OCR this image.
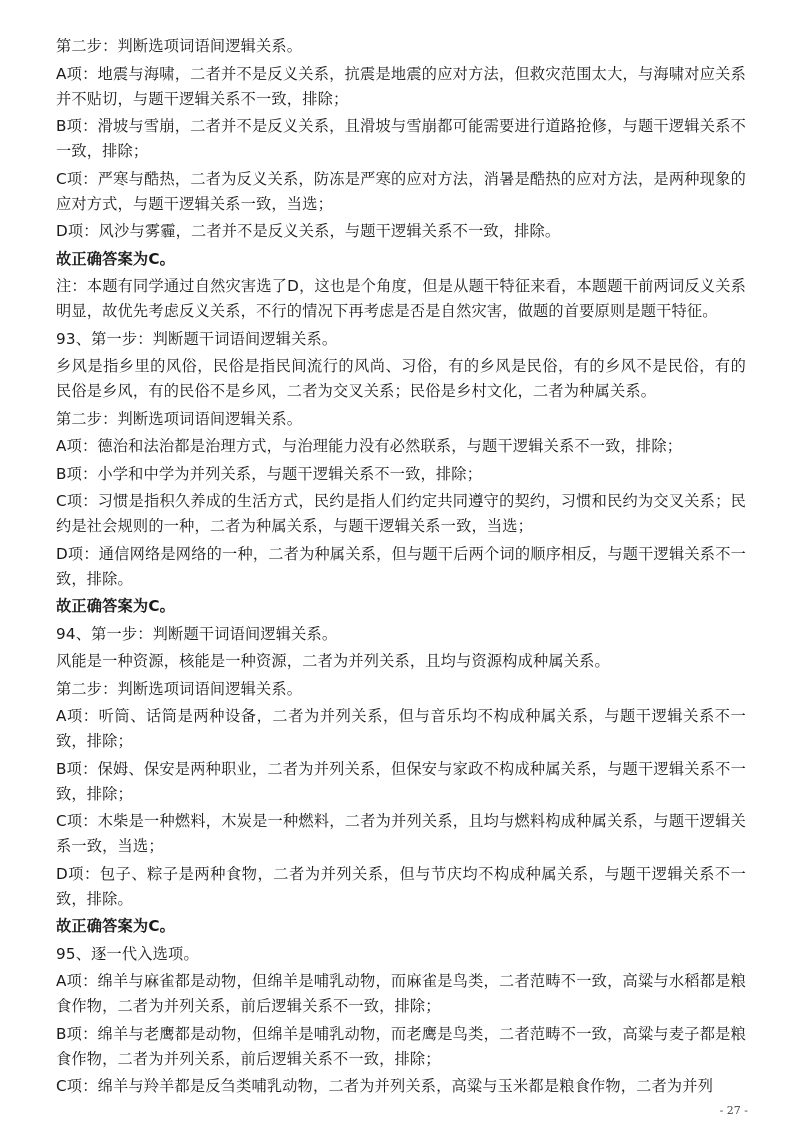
第二步：判断选项词语间逻辑关系。

A项：地震与海啸，二者并不是反义关系，抗震是地震的应对方法，但救灾范围太大，与海啸对应关系并不贴切，与题干逻辑关系不一致，排除；

B项：滑坡与雪崩，二者并不是反义关系，且滑坡与雪崩都可能需要进行道路抢修，与题干逻辑关系不一致，排除；

C项：严寒与酷热，二者为反义关系，防冻是严寒的应对方法，消暑是酷热的应对方法，是两种现象的应对方式，与题干逻辑关系一致，当选；

D项：风沙与雾霾，二者并不是反义关系，与题干逻辑关系不一致，排除。

故正确答案为C。

注：本题有同学通过自然灾害选了D，这也是个角度，但是从题干特征来看，本题题干前两词反义关系明显，故优先考虑反义关系，不行的情况下再考虑是否是自然灾害，做题的首要原则是题干特征。

93、第一步：判断题干词语间逻辑关系。

乡风是指乡里的风俗，民俗是指民间流行的风尚、习俗，有的乡风是民俗，有的乡风不是民俗，有的民俗是乡风，有的民俗不是乡风，二者为交叉关系；民俗是乡村文化，二者为种属关系。

第二步：判断选项词语间逻辑关系。

A项：德治和法治都是治理方式，与治理能力没有必然联系，与题干逻辑关系不一致，排除；

B项：小学和中学为并列关系，与题干逻辑关系不一致，排除；

C项：习惯是指积久养成的生活方式，民约是指人们约定共同遵守的契约，习惯和民约为交叉关系；民约是社会规则的一种，二者为种属关系，与题干逻辑关系一致，当选；

D项：通信网络是网络的一种，二者为种属关系，但与题干后两个词的顺序相反，与题干逻辑关系不一致，排除。

故正确答案为C。

94、第一步：判断题干词语间逻辑关系。

风能是一种资源，核能是一种资源，二者为并列关系，且均与资源构成种属关系。

第二步：判断选项词语间逻辑关系。

A项：听筒、话筒是两种设备，二者为并列关系，但与音乐均不构成种属关系，与题干逻辑关系不一致，排除；

B项：保姆、保安是两种职业，二者为并列关系，但保安与家政不构成种属关系，与题干逻辑关系不一致，排除；

C项：木柴是一种燃料，木炭是一种燃料，二者为并列关系，且均与燃料构成种属关系，与题干逻辑关系一致，当选；

D项：包子、粽子是两种食物，二者为并列关系，但与节庆均不构成种属关系，与题干逻辑关系不一致，排除。

故正确答案为C。

95、逐一代入选项。

A项：绵羊与麻雀都是动物，但绵羊是哺乳动物，而麻雀是鸟类，二者范畴不一致，高粱与水稻都是粮食作物，二者为并列关系，前后逻辑关系不一致，排除；

B项：绵羊与老鹰都是动物，但绵羊是哺乳动物，而老鹰是鸟类，二者范畴不一致，高粱与麦子都是粮食作物，二者为并列关系，前后逻辑关系不一致，排除；

C项：绵羊与羚羊都是反刍类哺乳动物，二者为并列关系，高粱与玉米都是粮食作物，二者为并列

- 27 -
